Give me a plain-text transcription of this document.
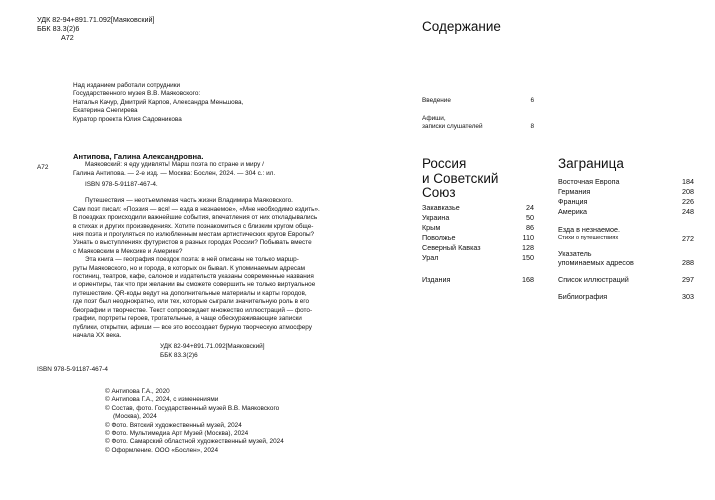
УДК 82-94+891.71.092[Маяковский]
ББК 83.3(2)6
А72
Над изданием работали сотрудники
Государственного музея В.В. Маяковского:
Наталья Качур, Дмитрий Карпов, Александра Меньшова,
Екатерина Снегирева
Куратор проекта Юлия Садовникова
А72
Антипова, Галина Александровна.
Маяковский: я еду удивлять! Марш поэта по стране и миру /
Галина Антипова. — 2-е изд. — Москва: Бослен, 2024. — 304 с.: ил.
ISBN 978-5-91187-467-4.
Путешествия — неотъемлемая часть жизни Владимира Маяковского.
Сам поэт писал: «Поэзия — вся! — езда в незнаемое», «Мне необходимо ездить».
В поездках происходили важнейшие события, впечатления от них откладывались
в стихах и других произведениях. Хотите познакомиться с близким кругом обще-
ния поэта и прогуляться по излюбленным местам артистических кругов Европы?
Узнать о выступлениях футуристов в разных городах России? Побывать вместе
с Маяковским в Мексике и Америке?
Эта книга — география поездок поэта: в ней описаны не только маршр-
руты Маяковского, но и города, в которых он бывал. К упоминаемым адресам
гостиниц, театров, кафе, салонов и издательств указаны современные названия
и ориентиры, так что при желании вы сможете совершить не только виртуальное
путешествие. QR-коды ведут на дополнительные материалы и карты городов,
где поэт был неоднократно, или тех, которые сыграли значительную роль в его
биографии и творчестве. Текст сопровождает множество иллюстраций — фото-
графии, портреты героев, трогательные, а чаще обескураживающие записки
публики, открытки, афиши — все это воссоздает бурную творческую атмосферу
начала XX века.
УДК 82-94+891.71.092[Маяковский]
ББК 83.3(2)6
ISBN 978-5-91187-467-4
© Антипова Г.А., 2020
© Антипова Г.А., 2024, с изменениями
© Состав, фото. Государственный музей В.В. Маяковского
(Москва), 2024
© Фото. Вятский художественный музей, 2024
© Фото. Мультимедиа Арт Музей (Москва), 2024
© Фото. Самарский областной художественный музей, 2024
© Оформление. ООО «Бослен», 2024
Содержание
Введение	6
Афиши,
записки слушателей	8
Россия
и Советский
Союз
Закавказье	24
Украина	50
Крым	86
Поволжье	110
Северный Кавказ	128
Урал	150
Издания	168
Заграница
Восточная Европа	184
Германия	208
Франция	226
Америка	248
Езда в незнаемое.
Стихи о путешествиях	272
Указатель
упоминаемых адресов	288
Список иллюстраций	297
Библиография	303
